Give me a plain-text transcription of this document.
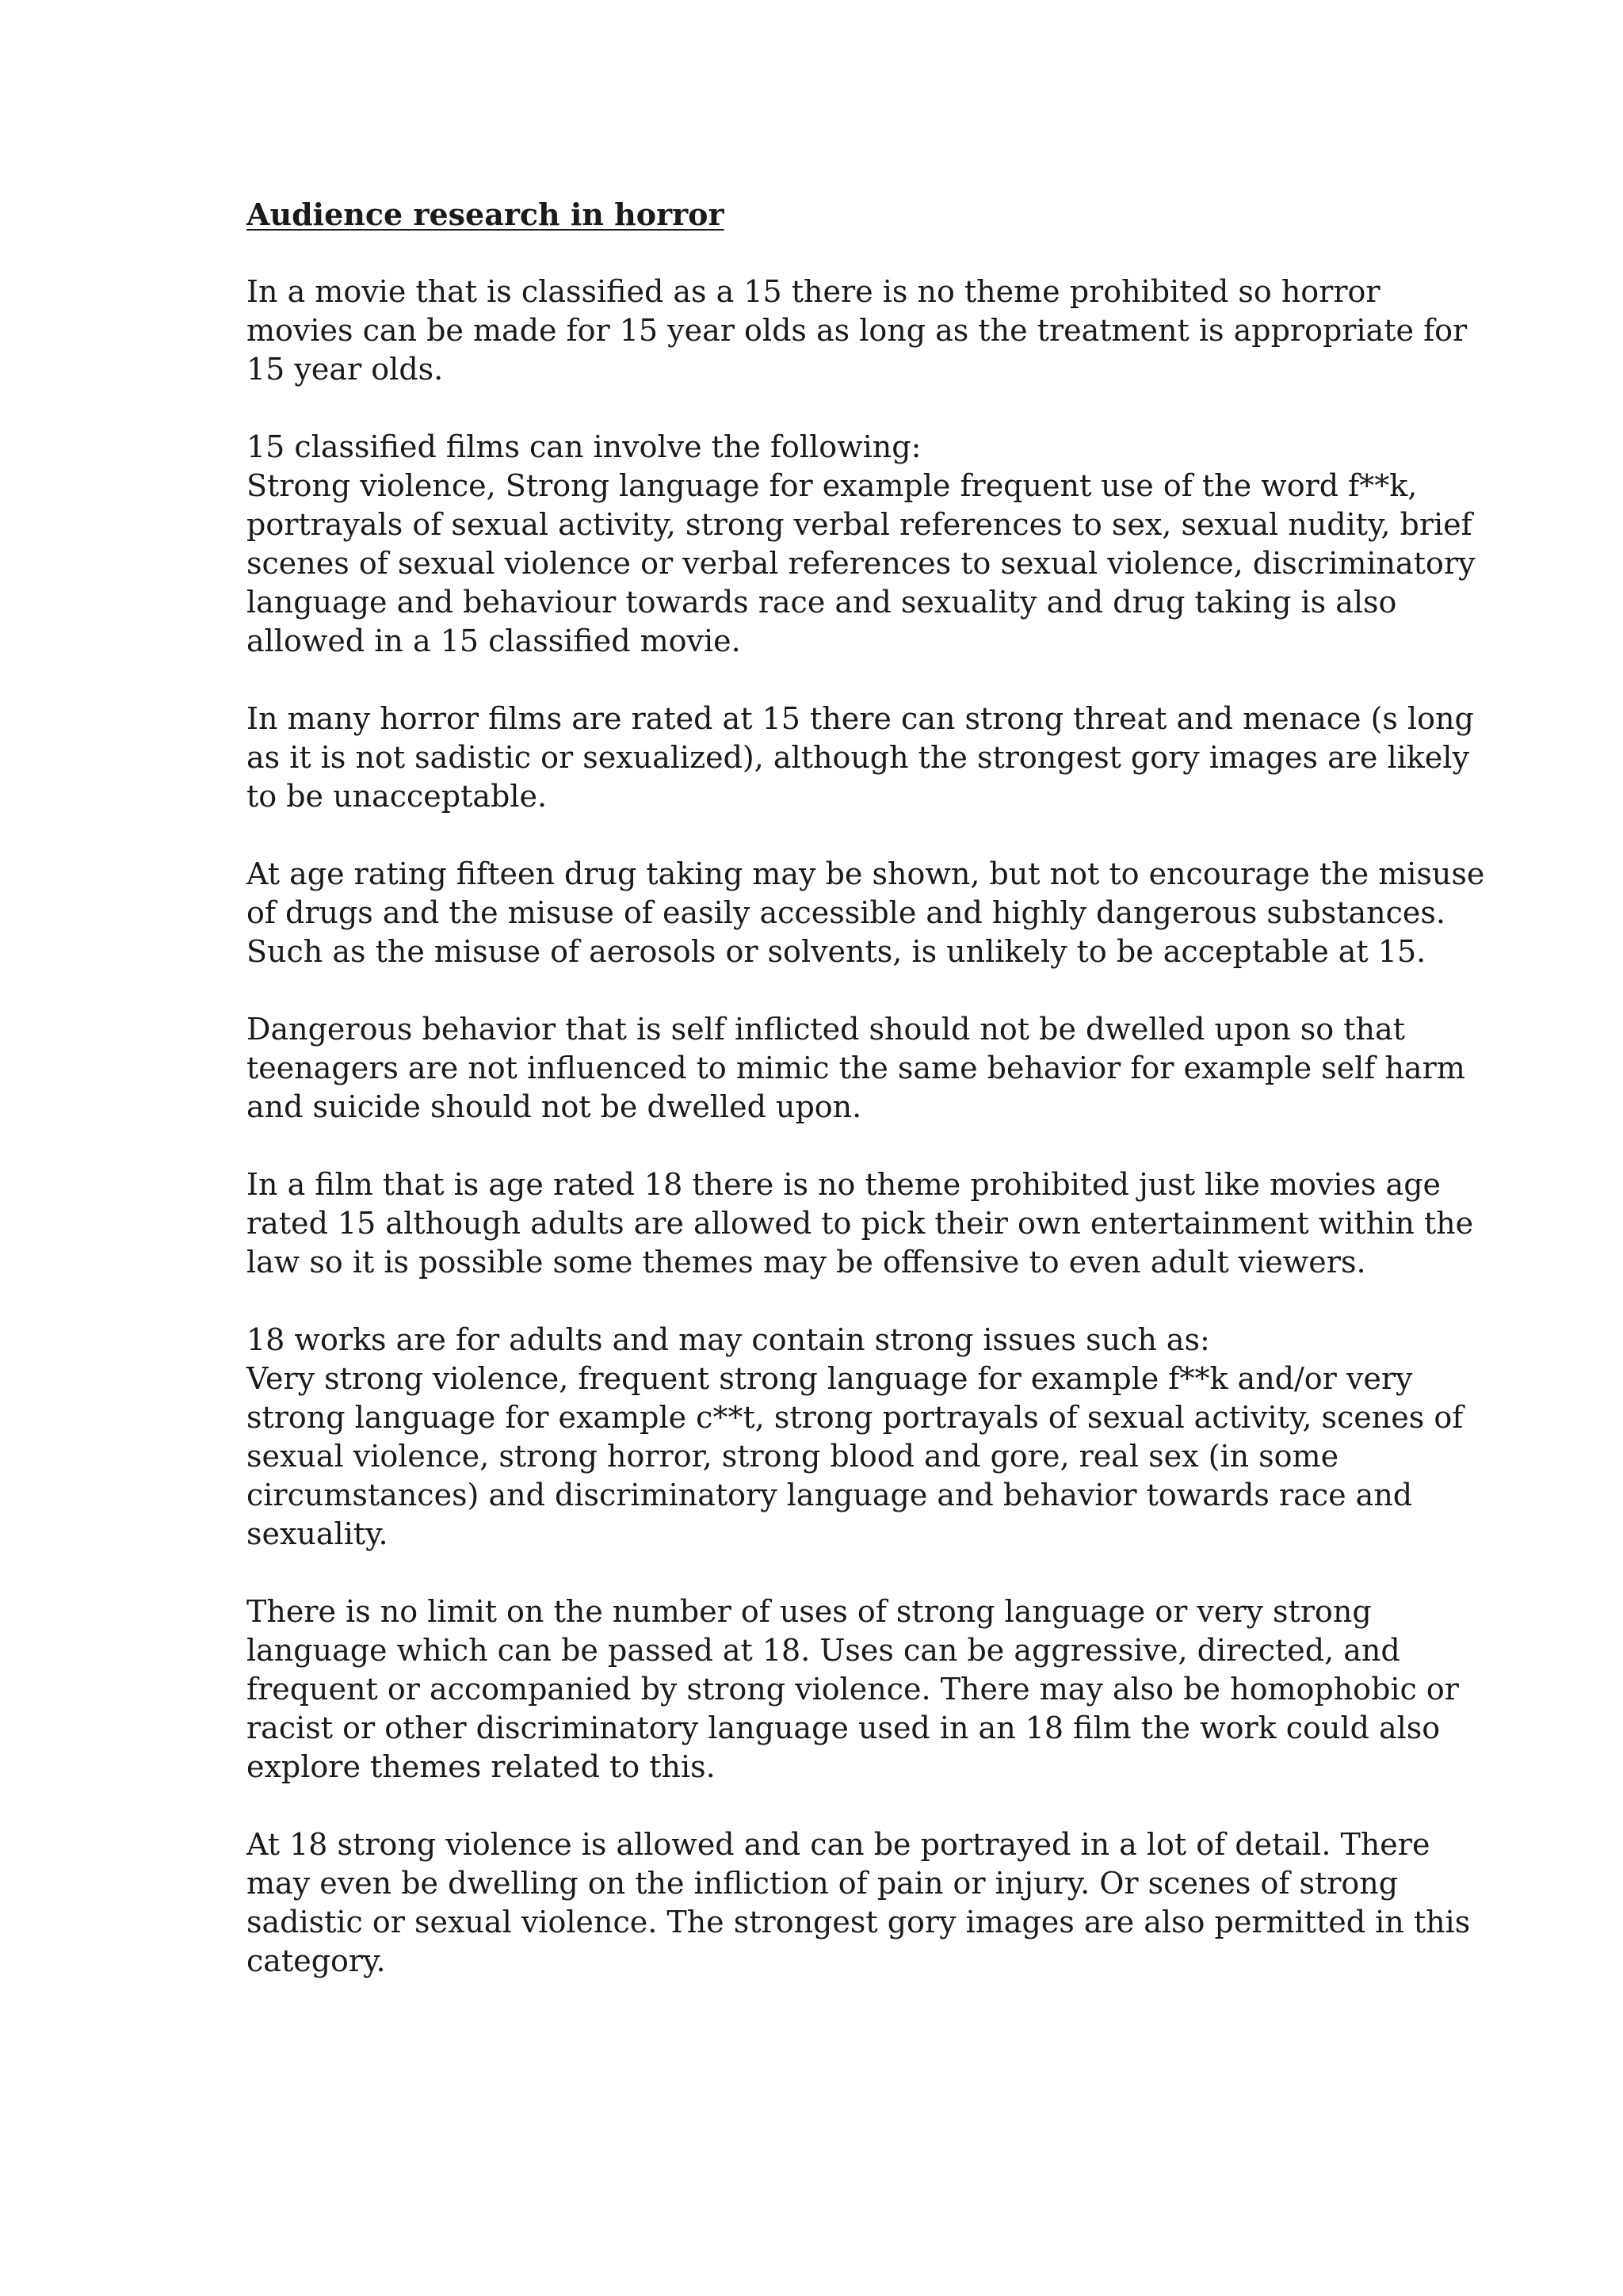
Audience research in horror
In a movie that is classified as a 15 there is no theme prohibited so horror
movies can be made for 15 year olds as long as the treatment is appropriate for
15 year olds.
15 classified films can involve the following:
Strong violence, Strong language for example frequent use of the word f**k,
portrayals of sexual activity, strong verbal references to sex, sexual nudity, brief
scenes of sexual violence or verbal references to sexual violence, discriminatory
language and behaviour towards race and sexuality and drug taking is also
allowed in a 15 classified movie.
In many horror films are rated at 15 there can strong threat and menace (s long
as it is not sadistic or sexualized), although the strongest gory images are likely
to be unacceptable.
At age rating fifteen drug taking may be shown, but not to encourage the misuse
of drugs and the misuse of easily accessible and highly dangerous substances.
Such as the misuse of aerosols or solvents, is unlikely to be acceptable at 15.
Dangerous behavior that is self inflicted should not be dwelled upon so that
teenagers are not influenced to mimic the same behavior for example self harm
and suicide should not be dwelled upon.
In a film that is age rated 18 there is no theme prohibited just like movies age
rated 15 although adults are allowed to pick their own entertainment within the
law so it is possible some themes may be offensive to even adult viewers.
18 works are for adults and may contain strong issues such as:
Very strong violence, frequent strong language for example f**k and/or very
strong language for example c**t, strong portrayals of sexual activity, scenes of
sexual violence, strong horror, strong blood and gore, real sex (in some
circumstances) and discriminatory language and behavior towards race and
sexuality.
There is no limit on the number of uses of strong language or very strong
language which can be passed at 18. Uses can be aggressive, directed, and
frequent or accompanied by strong violence. There may also be homophobic or
racist or other discriminatory language used in an 18 film the work could also
explore themes related to this.
At 18 strong violence is allowed and can be portrayed in a lot of detail. There
may even be dwelling on the infliction of pain or injury. Or scenes of strong
sadistic or sexual violence. The strongest gory images are also permitted in this
category.
